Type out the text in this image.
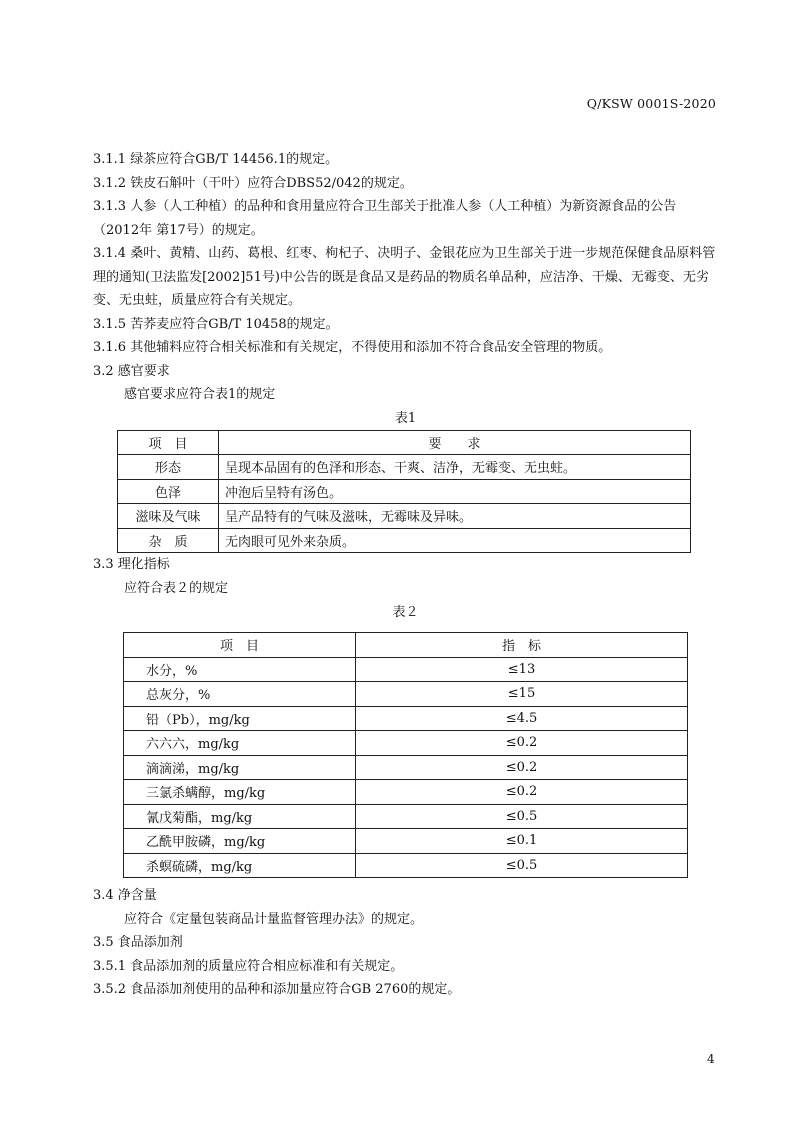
Q/KSW 0001S-2020

3.1.1 绿茶应符合GB/T 14456.1的规定。

3.1.2 铁皮石斛叶（干叶）应符合DBS52/042的规定。

3.1.3 人参（人工种植）的品种和食用量应符合卫生部关于批准人参（人工种植）为新资源食品的公告（2012年 第17号）的规定。

3.1.4 桑叶、黄精、山药、葛根、红枣、枸杞子、决明子、金银花应为卫生部关于进一步规范保健食品原料管理的通知(卫法监发[2002]51号)中公告的既是食品又是药品的物质名单品种，应洁净、干燥、无霉变、无劣变、无虫蛀，质量应符合有关规定。

3.1.5 苦荞麦应符合GB/T 10458的规定。

3.1.6 其他辅料应符合相关标准和有关规定，不得使用和添加不符合食品安全管理的物质。

3.2 感官要求

感官要求应符合表1的规定

表1
项　目	要　　求
形态	呈现本品固有的色泽和形态、干爽、洁净，无霉变、无虫蛀。
色泽	冲泡后呈特有汤色。
滋味及气味	呈产品特有的气味及滋味，无霉味及异味。
杂　质	无肉眼可见外来杂质。

3.3 理化指标

应符合表２的规定

表２
项　目	指　标
水分，%	≤13
总灰分，%	≤15
铅（Pb），mg/kg	≤4.5
六六六，mg/kg	≤0.2
滴滴涕，mg/kg	≤0.2
三氯杀螨醇，mg/kg	≤0.2
氰戊菊酯，mg/kg	≤0.5
乙酰甲胺磷，mg/kg	≤0.1
杀螟硫磷，mg/kg	≤0.5

3.4 净含量

应符合《定量包装商品计量监督管理办法》的规定。

3.5 食品添加剂

3.5.1 食品添加剂的质量应符合相应标准和有关规定。

3.5.2 食品添加剂使用的品种和添加量应符合GB 2760的规定。

4
